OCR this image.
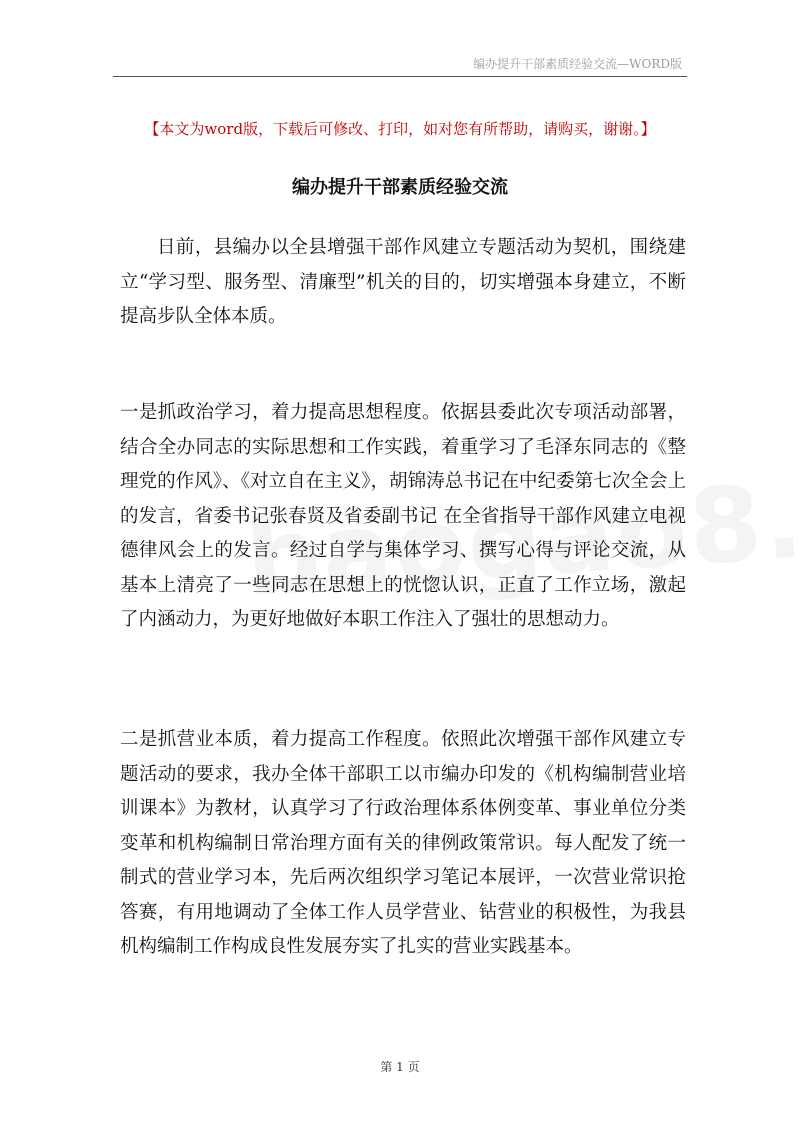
编办提升干部素质经验交流—WORD版
【本文为word版，下载后可修改、打印，如对您有所帮助，请购买，谢谢。】
编办提升干部素质经验交流

日前，县编办以全县增强干部作风建立专题活动为契机，围绕建立“学习型、服务型、清廉型”机关的目的，切实增强本身建立，不断提高步队全体本质。

一是抓政治学习，着力提高思想程度。依据县委此次专项活动部署，结合全办同志的实际思想和工作实践，着重学习了毛泽东同志的《整理党的作风》、《对立自在主义》，胡锦涛总书记在中纪委第七次全会上的发言，省委书记张春贤及省委副书记 在全省指导干部作风建立电视德律风会上的发言。经过自学与集体学习、撰写心得与评论交流，从基本上清亮了一些同志在思想上的恍惚认识，正直了工作立场，激起了内涵动力，为更好地做好本职工作注入了强壮的思想动力。

二是抓营业本质，着力提高工作程度。依照此次增强干部作风建立专题活动的要求，我办全体干部职工以市编办印发的《机构编制营业培训课本》为教材，认真学习了行政治理体系体例变革、事业单位分类变革和机构编制日常治理方面有关的律例政策常识。每人配发了统一制式的营业学习本，先后两次组织学习笔记本展评，一次营业常识抢答赛，有用地调动了全体工作人员学营业、钻营业的积极性，为我县机构编制工作构成良性发展夯实了扎实的营业实践基本。

第 1 页
